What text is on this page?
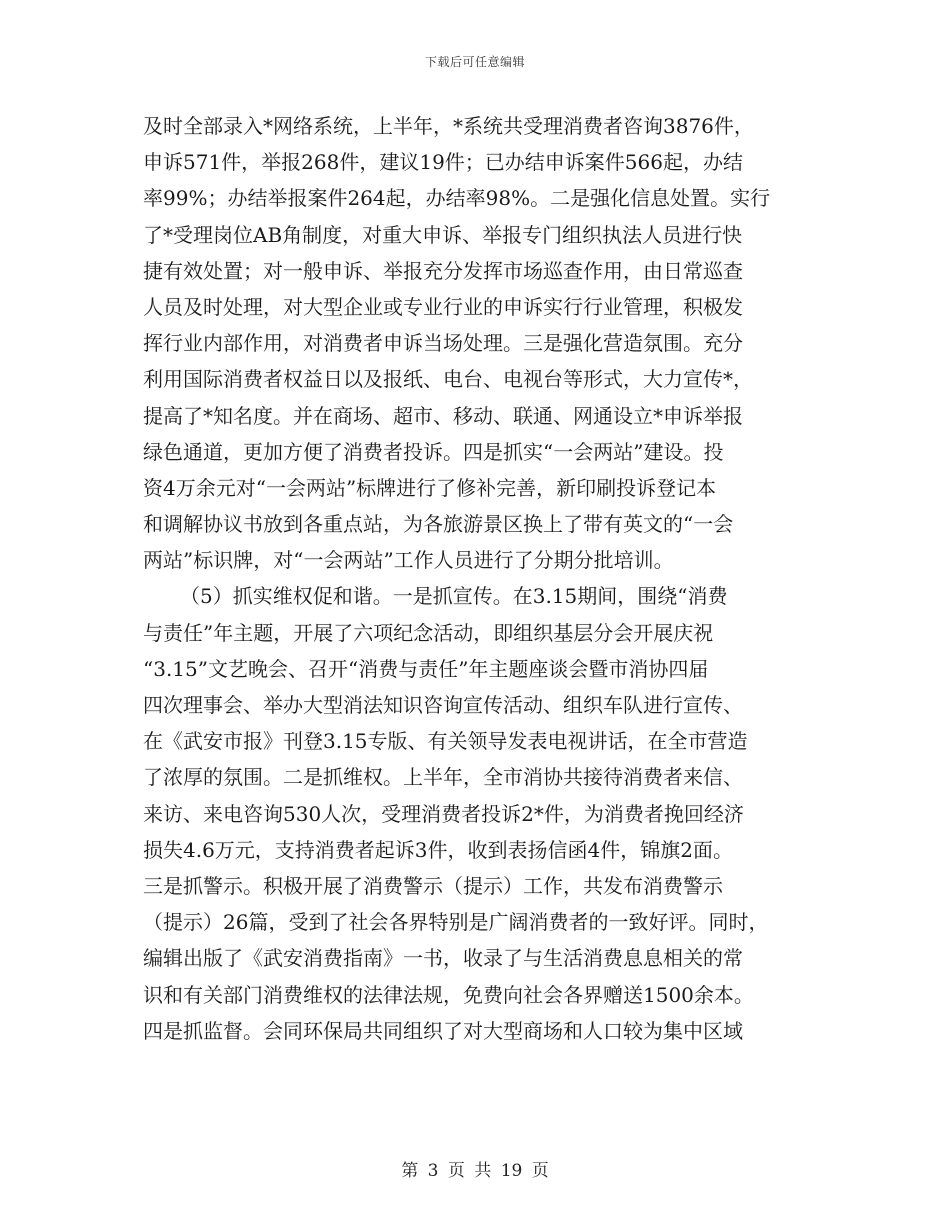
下载后可任意编辑
及时全部录入*网络系统，上半年，*系统共受理消费者咨询3876件，
申诉571件，举报268件，建议19件；已办结申诉案件566起，办结
率99%；办结举报案件264起，办结率98%。二是强化信息处置。实行
了*受理岗位AB角制度，对重大申诉、举报专门组织执法人员进行快
捷有效处置；对一般申诉、举报充分发挥市场巡查作用，由日常巡查
人员及时处理，对大型企业或专业行业的申诉实行行业管理，积极发
挥行业内部作用，对消费者申诉当场处理。三是强化营造氛围。充分
利用国际消费者权益日以及报纸、电台、电视台等形式，大力宣传*，
提高了*知名度。并在商场、超市、移动、联通、网通设立*申诉举报
绿色通道，更加方便了消费者投诉。四是抓实“一会两站”建设。投
资4万余元对“一会两站”标牌进行了修补完善，新印刷投诉登记本
和调解协议书放到各重点站，为各旅游景区换上了带有英文的“一会
两站”标识牌，对“一会两站”工作人员进行了分期分批培训。
（5）抓实维权促和谐。一是抓宣传。在3.15期间，围绕“消费
与责任”年主题，开展了六项纪念活动，即组织基层分会开展庆祝
“3.15”文艺晚会、召开“消费与责任”年主题座谈会暨市消协四届
四次理事会、举办大型消法知识咨询宣传活动、组织车队进行宣传、
在《武安市报》刊登3.15专版、有关领导发表电视讲话，在全市营造
了浓厚的氛围。二是抓维权。上半年，全市消协共接待消费者来信、
来访、来电咨询530人次，受理消费者投诉2*件，为消费者挽回经济
损失4.6万元，支持消费者起诉3件，收到表扬信函4件，锦旗2面。
三是抓警示。积极开展了消费警示（提示）工作，共发布消费警示
（提示）26篇，受到了社会各界特别是广阔消费者的一致好评。同时，
编辑出版了《武安消费指南》一书，收录了与生活消费息息相关的常
识和有关部门消费维权的法律法规，免费向社会各界赠送1500余本。
四是抓监督。会同环保局共同组织了对大型商场和人口较为集中区域
第 3 页 共 19 页
